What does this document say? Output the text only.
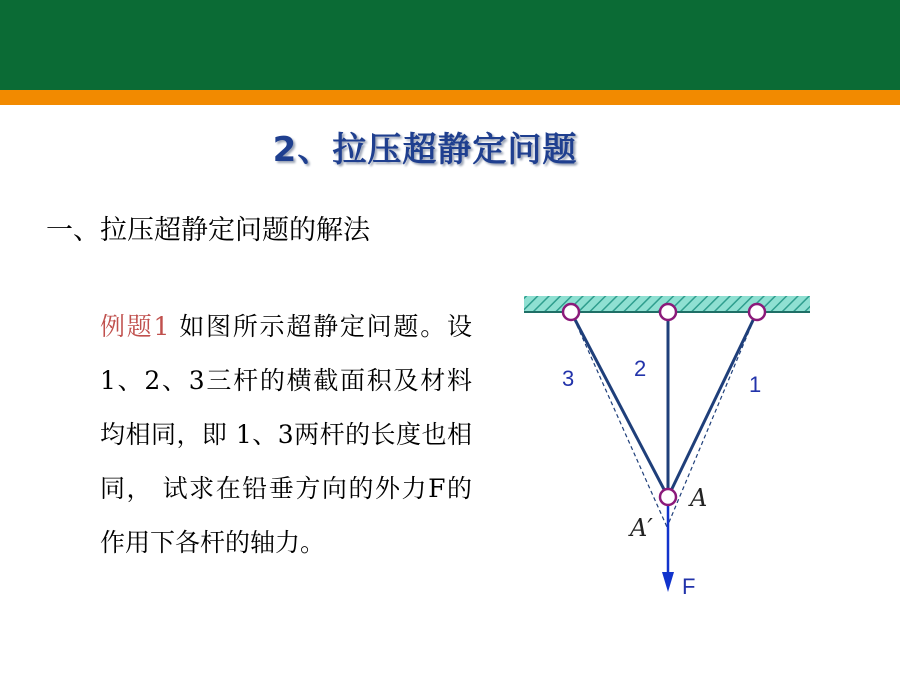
2、拉压超静定问题
一、拉压超静定问题的解法
例题1 如图所示超静定问题。设1、2、3三杆的横截面积及材料均相同，即 1、3两杆的长度也相同， 试求在铅垂方向的外力F的作用下各杆的轴力。
3	2
1
A
A′
F
